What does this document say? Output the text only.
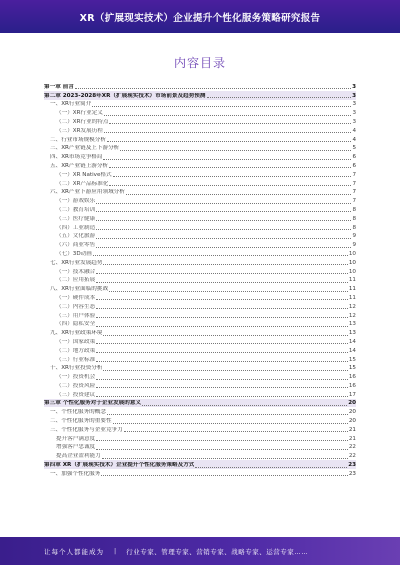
XR（扩展现实技术）企业提升个性化服务策略研究报告
内容目录
第一章 前言	3
第二章 2023-2028年XR（扩展现实技术）市场前景及趋势预测	3
一、XR行业简介	3
（一）XR行业定义	3
（二）XR行业的特点	3
（三）XR发展历程	4
二、行业市场规模分析	4
三、XR产业链及上下游分析	5
四、XR市场竞争格局	6
五、XR产业链上游分析	6
（一）XR Native格式	7
（二）XR产品标准化	7
六、XR产业下游应用领域分析	7
（一）游戏娱乐	7
（二）教育培训	8
（三）医疗健康	8
（四）工业制造	8
（五）文化旅游	9
（六）商业零售	9
（七）3D动画	10
七、XR行业发展趋势	10
（一）技术融合	10
（二）应用拓展	11
八、XR行业面临的挑战	11
（一）硬件成本	11
（二）内容生态	12
（三）用户体验	12
（四）隐私安全	13
九、XR行业政策环境	13
（一）国家政策	14
（二）地方政策	14
（三）行业标准	15
十、XR行业投资分析	15
（一）投资机会	16
（二）投资风险	16
（三）投资建议	17
第三章 个性化服务对于企业发展的意义	20
一、个性化服务的概念	20
二、个性化服务的重要性	20
三、个性化服务与企业竞争力	21
提升客户满意度	21
增强客户忠诚度	22
提高企业盈利能力	22
第四章 XR（扩展现实技术）企业提升个性化服务策略及方式	23
一、加强个性化服务	23
让每个人都能成为 | 行业专家、管理专家、营销专家、战略专家、运营专家……
